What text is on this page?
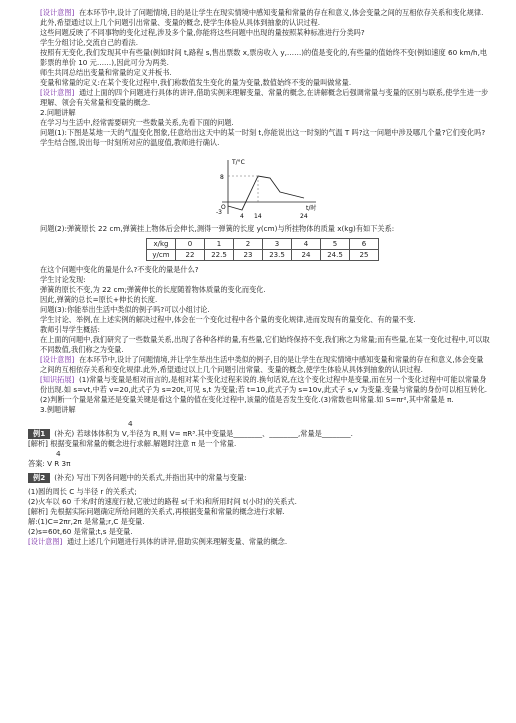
[设计意图] 在本环节中,设计了问题情境,目的是让学生在现实情境中感知变量和常量的存在和意义,体会变量之间的互相依存关系和变化规律.此外,希望通过以上几个问题引出常量、变量的概念,使学生体验从具体到抽象的认识过程.

这些问题反映了不同事物的变化过程,涉及多个量,你能将这些问题中出现的量按照某种标准进行分类吗?

学生分组讨论,交流自己的看法.

按照有无变化,我们发现其中有些量(例如时间 t,路程 s,售出票数 x,票房收入 y,……)的值是变化的,有些量的值始终不变(例如速度 60 km/h,电影票的单价 10 元……),因此可分为两类.

师生共同总结出变量和常量的定义并板书.

变量和常量的定义:在某个变化过程中,我们称数值发生变化的量为变量,数值始终不变的量叫做常量.

[设计意图] 通过上面的四个问题进行具体的讲评,借助实例来理解变量、常量的概念,在讲解概念后强调常量与变量的区别与联系,使学生进一步理解、领会有关常量和变量的概念.

2.问题讲解

在学习与生活中,经常需要研究一些数量关系,先看下面的问题.

问题(1):下图是某地一天的气温变化图象,任意给出这天中的某一时刻 t,你能说出这一时刻的气温 T 吗?这一问题中涉及哪几个量?它们变化吗?

学生结合图,说出每一时刻所对应的温度值,教师进行确认.

T/°C
t/时
O
8
-3
4 14	24

问题(2):弹簧原长 22 cm,弹簧挂上物体后会伸长,测得一弹簧的长度 y(cm)与所挂物体的质量 x(kg)有如下关系:

x/kg	0	1	2	3	4	5	6
y/cm	22	22.5	23	23.5	24	24.5	25

在这个问题中变化的量是什么?不变化的量是什么?

学生讨论发现:

弹簧的原长不变,为 22 cm;弹簧伸长的长度随着物体质量的变化而变化.

因此,弹簧的总长=原长+伸长的长度.

问题(3):你能举出生活中类似的例子吗?可以小组讨论.

学生讨论、举例,在上述实例的解决过程中,体会在一个变化过程中各个量的变化规律,进而发现有的量变化、有的量不变.

教师引导学生概括:

在上面的问题中,我们研究了一些数量关系,出现了各种各样的量,有些量,它们始终保持不变,我们称之为常量;而有些量,在某一变化过程中,可以取不同数值,我们称之为变量.

[设计意图] 在本环节中,设计了问题情境,并让学生举出生活中类似的例子,目的是让学生在现实情境中感知变量和常量的存在和意义,体会变量之间的互相依存关系和变化规律.此外,希望通过以上几个问题引出常量、变量的概念,使学生体验从具体到抽象的认识过程.

[知识拓展] (1)常量与变量是相对而言的,是相对某个变化过程来说的.换句话说,在这个变化过程中是变量,而在另一个变化过程中可能以常量身份出现.如 s=vt,中若 v=20,此式子为 s=20t,可见 s,t 为变量;若 t=10,此式子为 s=10v,此式子 s,v 为变量.变量与常量的身份可以相互转化.(2)判断一个量是常量还是变量关键是看这个量的值在变化过程中,该量的值是否发生变化.(3)常数也叫常量.如 S=πr²,其中常量是 π.

3.例题讲解

4

例1 (补充) 若球体体积为 V,半径为 R,则 V= πR³.其中变量是________、________,常量是________.

[解析] 根据变量和常量的概念进行求解.解题时注意 π 是一个常量.

4

答案: V R 3π

例2 (补充) 写出下列各问题中的关系式,并指出其中的常量与变量:

(1)圆的周长 C 与半径 r 的关系式;

(2)火车以 60 千米/时的速度行驶,它驶过的路程 s(千米)和所用时间 t(小时)的关系式.

[解析] 先根据实际问题确定所给问题的关系式,再根据变量和常量的概念进行求解.

解:(1)C=2πr,2π 是常量;r,C 是变量.

(2)s=60t,60 是常量;t,s 是变量.

[设计意图] 通过上述几个问题进行具体的讲评,借助实例来理解变量、常量的概念.
